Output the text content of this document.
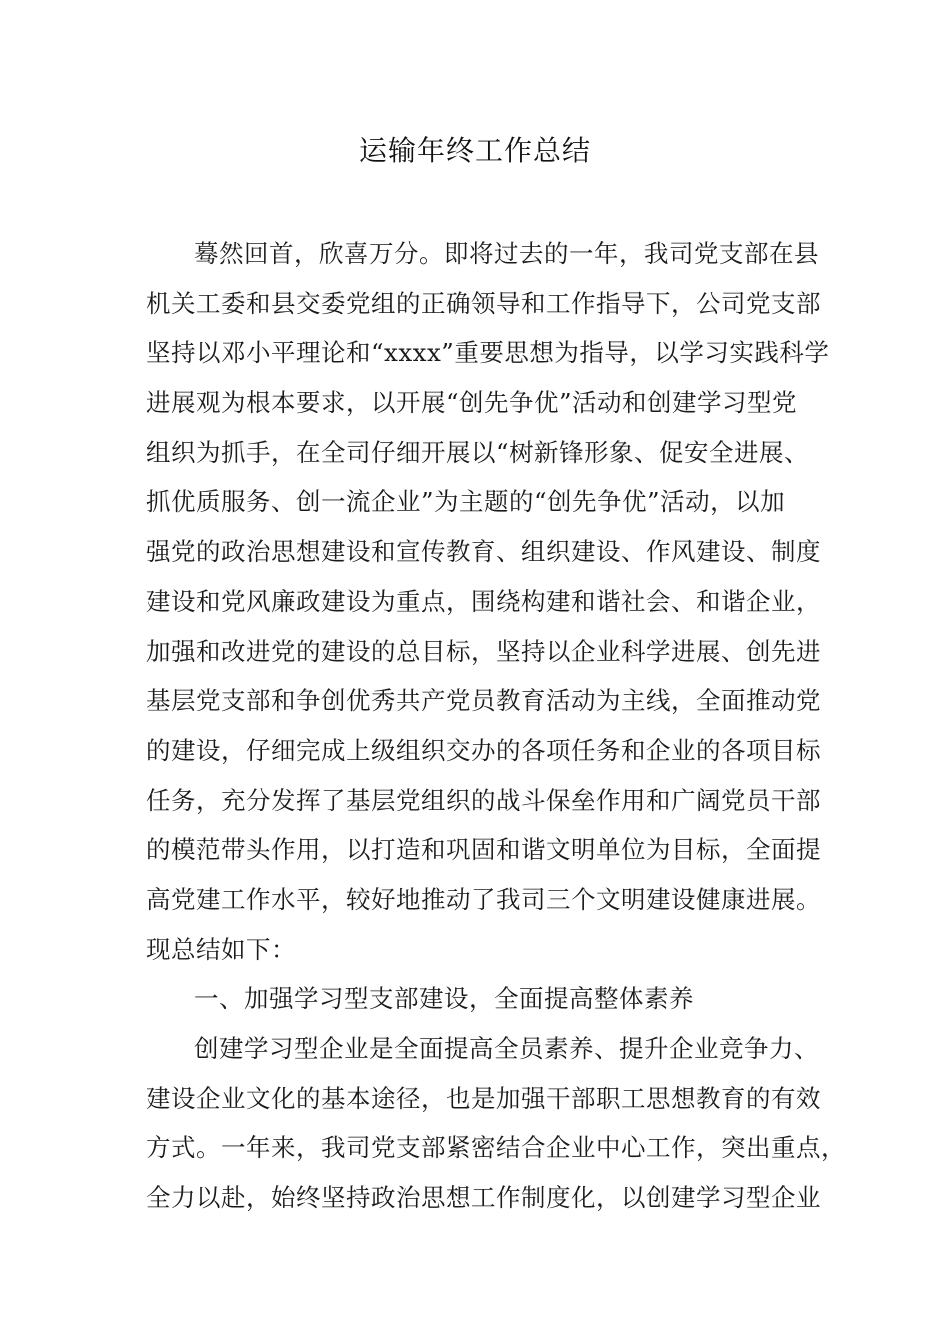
运输年终工作总结
蓦然回首，欣喜万分。即将过去的一年，我司党支部在县
机关工委和县交委党组的正确领导和工作指导下，公司党支部
坚持以邓小平理论和“xxxx”重要思想为指导，以学习实践科学
进展观为根本要求，以开展“创先争优”活动和创建学习型党
组织为抓手，在全司仔细开展以“树新锋形象、促安全进展、
抓优质服务、创一流企业”为主题的“创先争优”活动，以加
强党的政治思想建设和宣传教育、组织建设、作风建设、制度
建设和党风廉政建设为重点，围绕构建和谐社会、和谐企业，
加强和改进党的建设的总目标，坚持以企业科学进展、创先进
基层党支部和争创优秀共产党员教育活动为主线，全面推动党
的建设，仔细完成上级组织交办的各项任务和企业的各项目标
任务，充分发挥了基层党组织的战斗保垒作用和广阔党员干部
的模范带头作用，以打造和巩固和谐文明单位为目标，全面提
高党建工作水平，较好地推动了我司三个文明建设健康进展。
现总结如下：
一、加强学习型支部建设，全面提高整体素养
创建学习型企业是全面提高全员素养、提升企业竞争力、
建设企业文化的基本途径，也是加强干部职工思想教育的有效
方式。一年来，我司党支部紧密结合企业中心工作，突出重点，
全力以赴，始终坚持政治思想工作制度化，以创建学习型企业
